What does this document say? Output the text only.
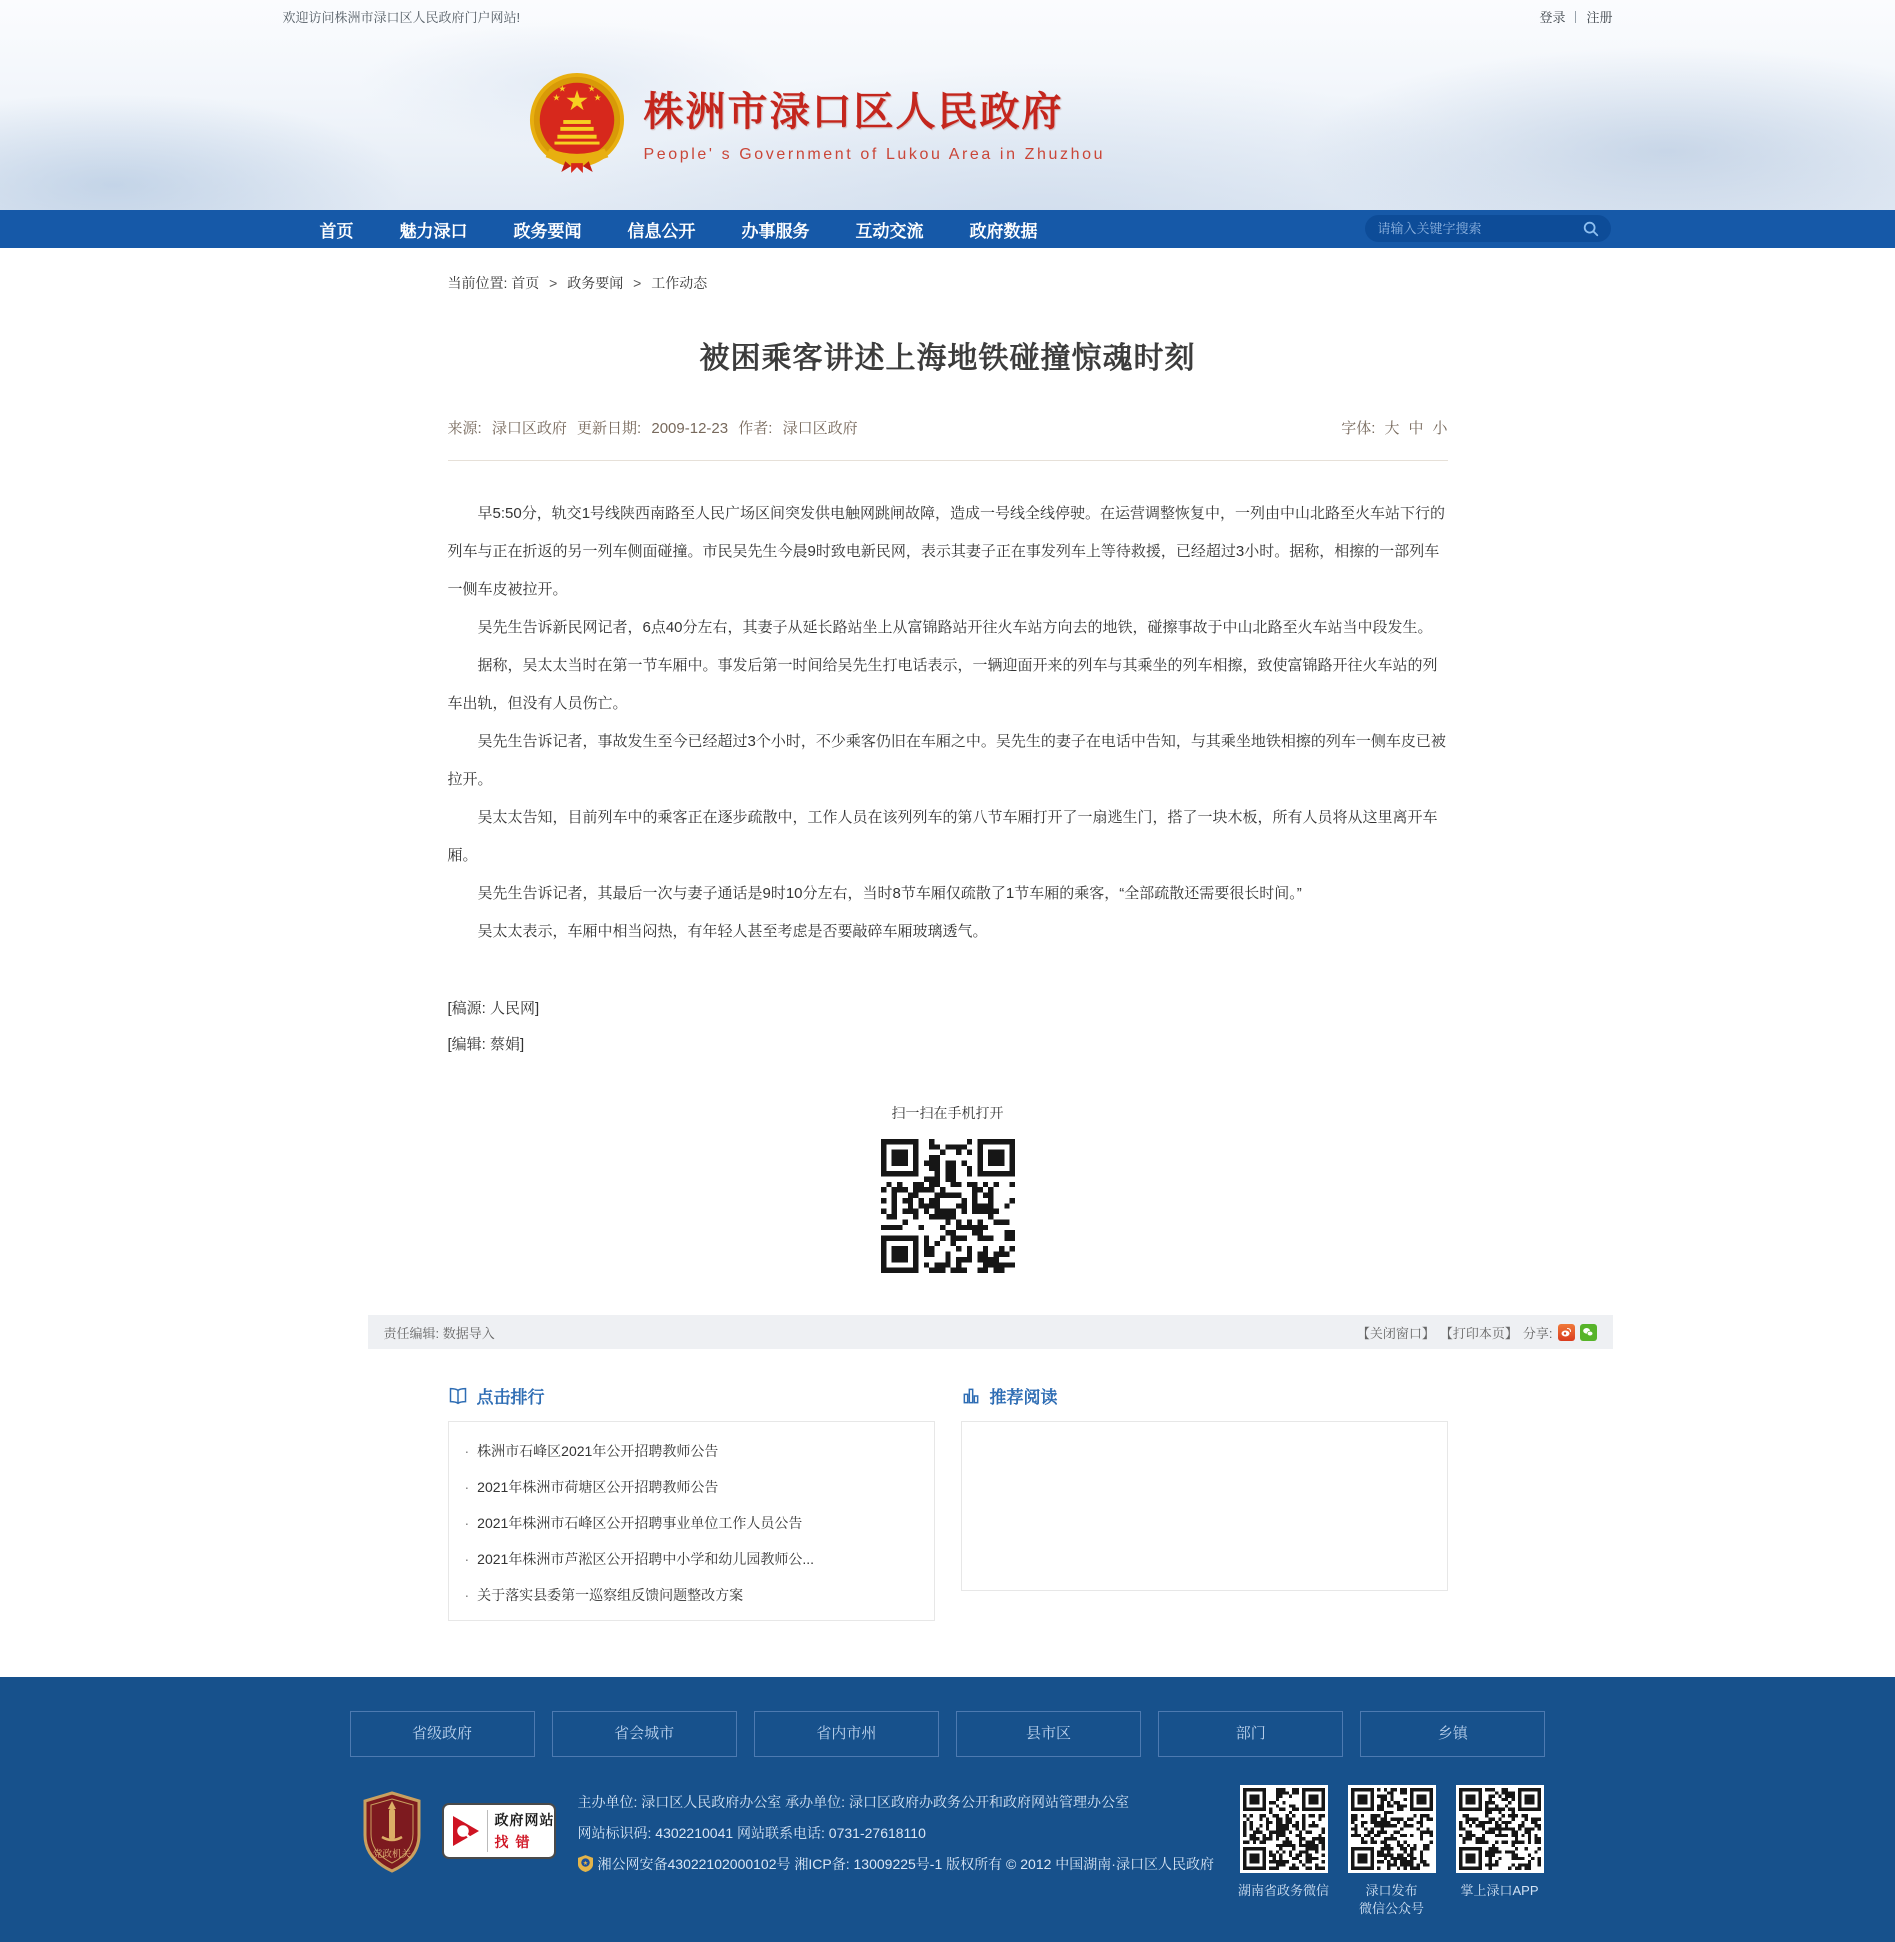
欢迎访问株洲市渌口区人民政府门户网站!	登录 注册
★
★	★
★ ★
株洲市渌口区人民政府
People' s Government of Lukou Area in Zhuzhou
首页	魅力渌口	政务要闻	信息公开	办事服务	互动交流	政府数据
请输入关键字搜索
当前位置: 首页 > 政务要闻 > 工作动态
被困乘客讲述上海地铁碰撞惊魂时刻
来源: 渌口区政府 更新日期: 2009-12-23 作者: 渌口区政府	字体: 大 中 小

早5:50分，轨交1号线陕西南路至人民广场区间突发供电触网跳闸故障，造成一号线全线停驶。在运营调整恢复中，一列由中山北路至火车站下行的列车与正在折返的另一列车侧面碰撞。市民吴先生今晨9时致电新民网，表示其妻子正在事发列车上等待救援，已经超过3小时。据称，相擦的一部列车一侧车皮被拉开。

吴先生告诉新民网记者，6点40分左右，其妻子从延长路站坐上从富锦路站开往火车站方向去的地铁，碰擦事故于中山北路至火车站当中段发生。

据称，吴太太当时在第一节车厢中。事发后第一时间给吴先生打电话表示，一辆迎面开来的列车与其乘坐的列车相擦，致使富锦路开往火车站的列车出轨，但没有人员伤亡。

吴先生告诉记者，事故发生至今已经超过3个小时，不少乘客仍旧在车厢之中。吴先生的妻子在电话中告知，与其乘坐地铁相擦的列车一侧车皮已被拉开。

吴太太告知，目前列车中的乘客正在逐步疏散中，工作人员在该列列车的第八节车厢打开了一扇逃生门，搭了一块木板，所有人员将从这里离开车厢。

吴先生告诉记者，其最后一次与妻子通话是9时10分左右，当时8节车厢仅疏散了1节车厢的乘客，“全部疏散还需要很长时间。”

吴太太表示，车厢中相当闷热，有年轻人甚至考虑是否要敲碎车厢玻璃透气。

[稿源: 人民网]
[编辑: 蔡娟]
扫一扫在手机打开
责任编辑: 数据导入	【关闭窗口】 【打印本页】 分享:
点击排行
· 株洲市石峰区2021年公开招聘教师公告
· 2021年株洲市荷塘区公开招聘教师公告
· 2021年株洲市石峰区公开招聘事业单位工作人员公告
· 2021年株洲市芦淞区公开招聘中小学和幼儿园教师公...
· 关于落实县委第一巡察组反馈问题整改方案
推荐阅读
省级政府	省会城市	省内市州	县市区	部门	乡镇
党政机关
政府网站
找错
主办单位: 渌口区人民政府办公室 承办单位: 渌口区政府办政务公开和政府网站管理办公室
网站标识码: 4302210041 网站联系电话: 0731-27618110
★ 湘公网安备43022102000102号 湘ICP备: 13009225号-1 版权所有 © 2012 中国湖南·渌口区人民政府
湖南省政务微信	渌口发布
微信公众号
掌上渌口APP
